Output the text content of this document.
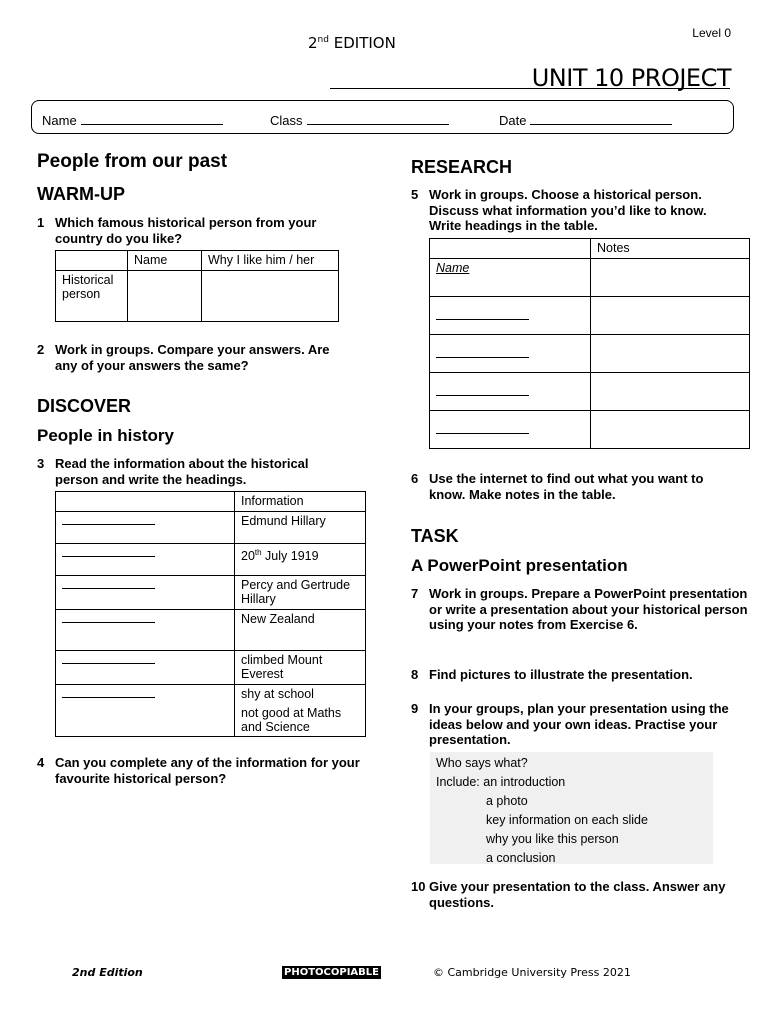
Level 0
2nd EDITION
UNIT 10 PROJECT
Name	Class	Date
People from our past
WARM-UP
1 Which famous historical person from your country do you like?
	Name	Why I like him / her
Historical person		
2 Work in groups. Compare your answers. Are any of your answers the same?
DISCOVER
People in history
3 Read the information about the historical person and write the headings.
	Information
	Edmund Hillary
	20th July 1919
	Percy and Gertrude Hillary
	New Zealand
	climbed Mount Everest

	shy at school
not good at Maths and Science
4 Can you complete any of the information for your favourite historical person?
RESEARCH
5 Work in groups. Choose a historical person. Discuss what information you’d like to know. Write headings in the table.
	Notes
Name	

6 Use the internet to find out what you want to know. Make notes in the table.
TASK
A PowerPoint presentation
7 Work in groups. Prepare a PowerPoint presentation or write a presentation about your historical person using your notes from Exercise 6.
8 Find pictures to illustrate the presentation.
9 In your groups, plan your presentation using the ideas below and your own ideas. Practise your presentation.
Who says what?
Include: an introduction
a photo
key information on each slide
why you like this person
a conclusion
10 Give your presentation to the class. Answer any questions.
2nd Edition	PHOTOCOPIABLE	© Cambridge University Press 2021
